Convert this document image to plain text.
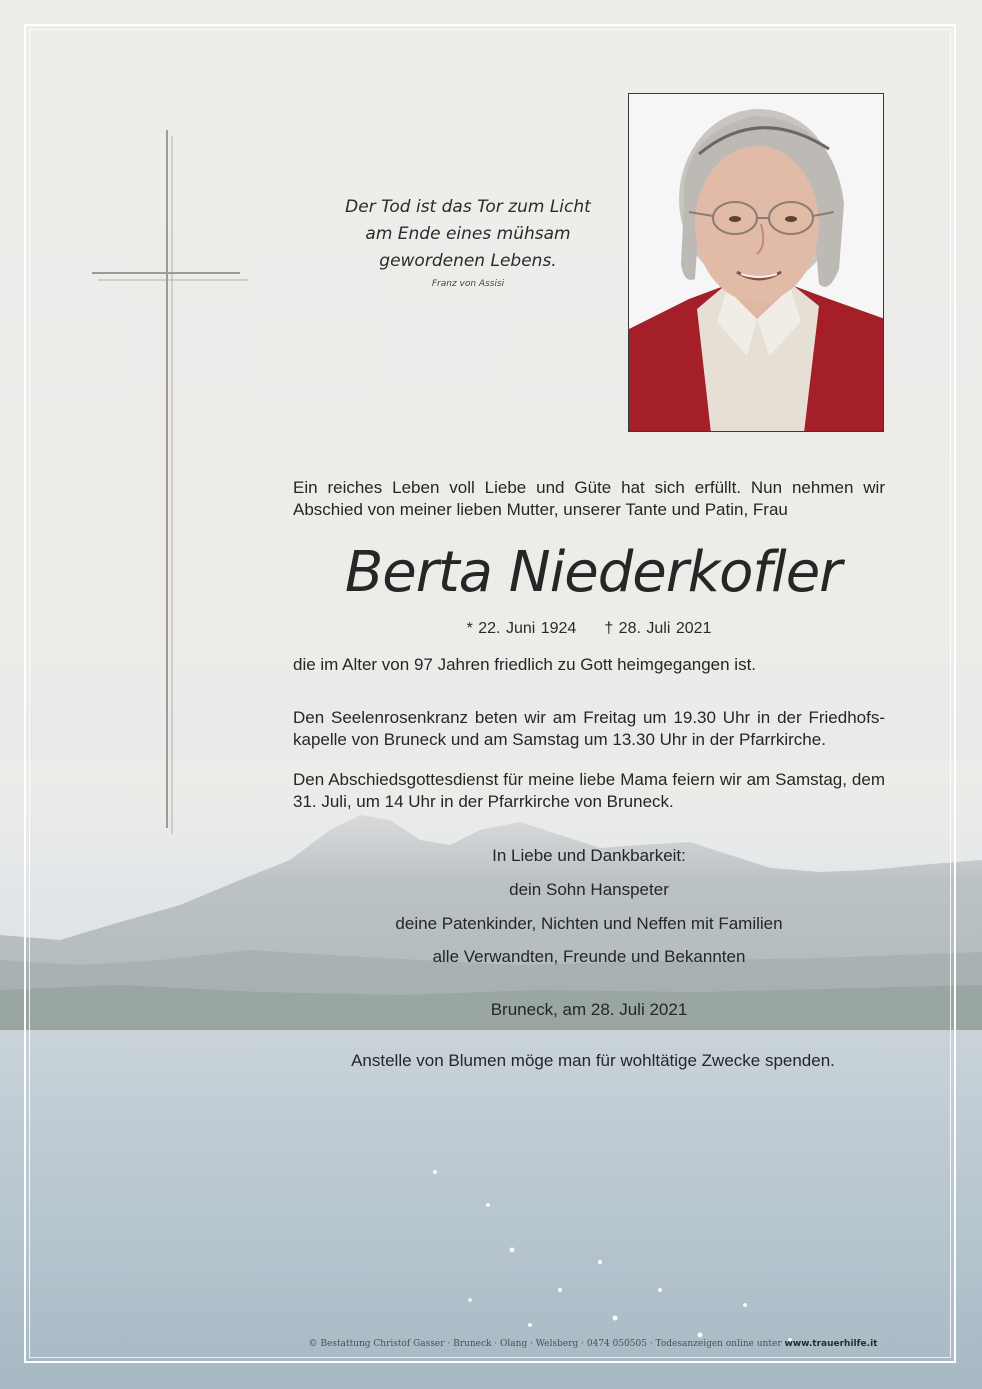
Der Tod ist das Tor zum Licht
am Ende eines mühsam
gewordenen Lebens.
Franz von Assisi
Ein reiches Leben voll Liebe und Güte hat sich erfüllt. Nun nehmen wir Abschied von meiner lieben Mutter, unserer Tante und Patin, Frau
Berta Niederkofler
* 22. Juni 1924 † 28. Juli 2021
die im Alter von 97 Jahren friedlich zu Gott heimgegangen ist.
Den Seelenrosenkranz beten wir am Freitag um 19.30 Uhr in der Friedhofs-kapelle von Bruneck und am Samstag um 13.30 Uhr in der Pfarrkirche.
Den Abschiedsgottesdienst für meine liebe Mama feiern wir am Samstag, dem 31. Juli, um 14 Uhr in der Pfarrkirche von Bruneck.
In Liebe und Dankbarkeit:
dein Sohn Hanspeter
deine Patenkinder, Nichten und Neffen mit Familien
alle Verwandten, Freunde und Bekannten
Bruneck, am 28. Juli 2021
Anstelle von Blumen möge man für wohltätige Zwecke spenden.
© Bestattung Christof Gasser · Bruneck · Olang · Welsberg · 0474 050505 · Todesanzeigen online unter www.trauerhilfe.it
